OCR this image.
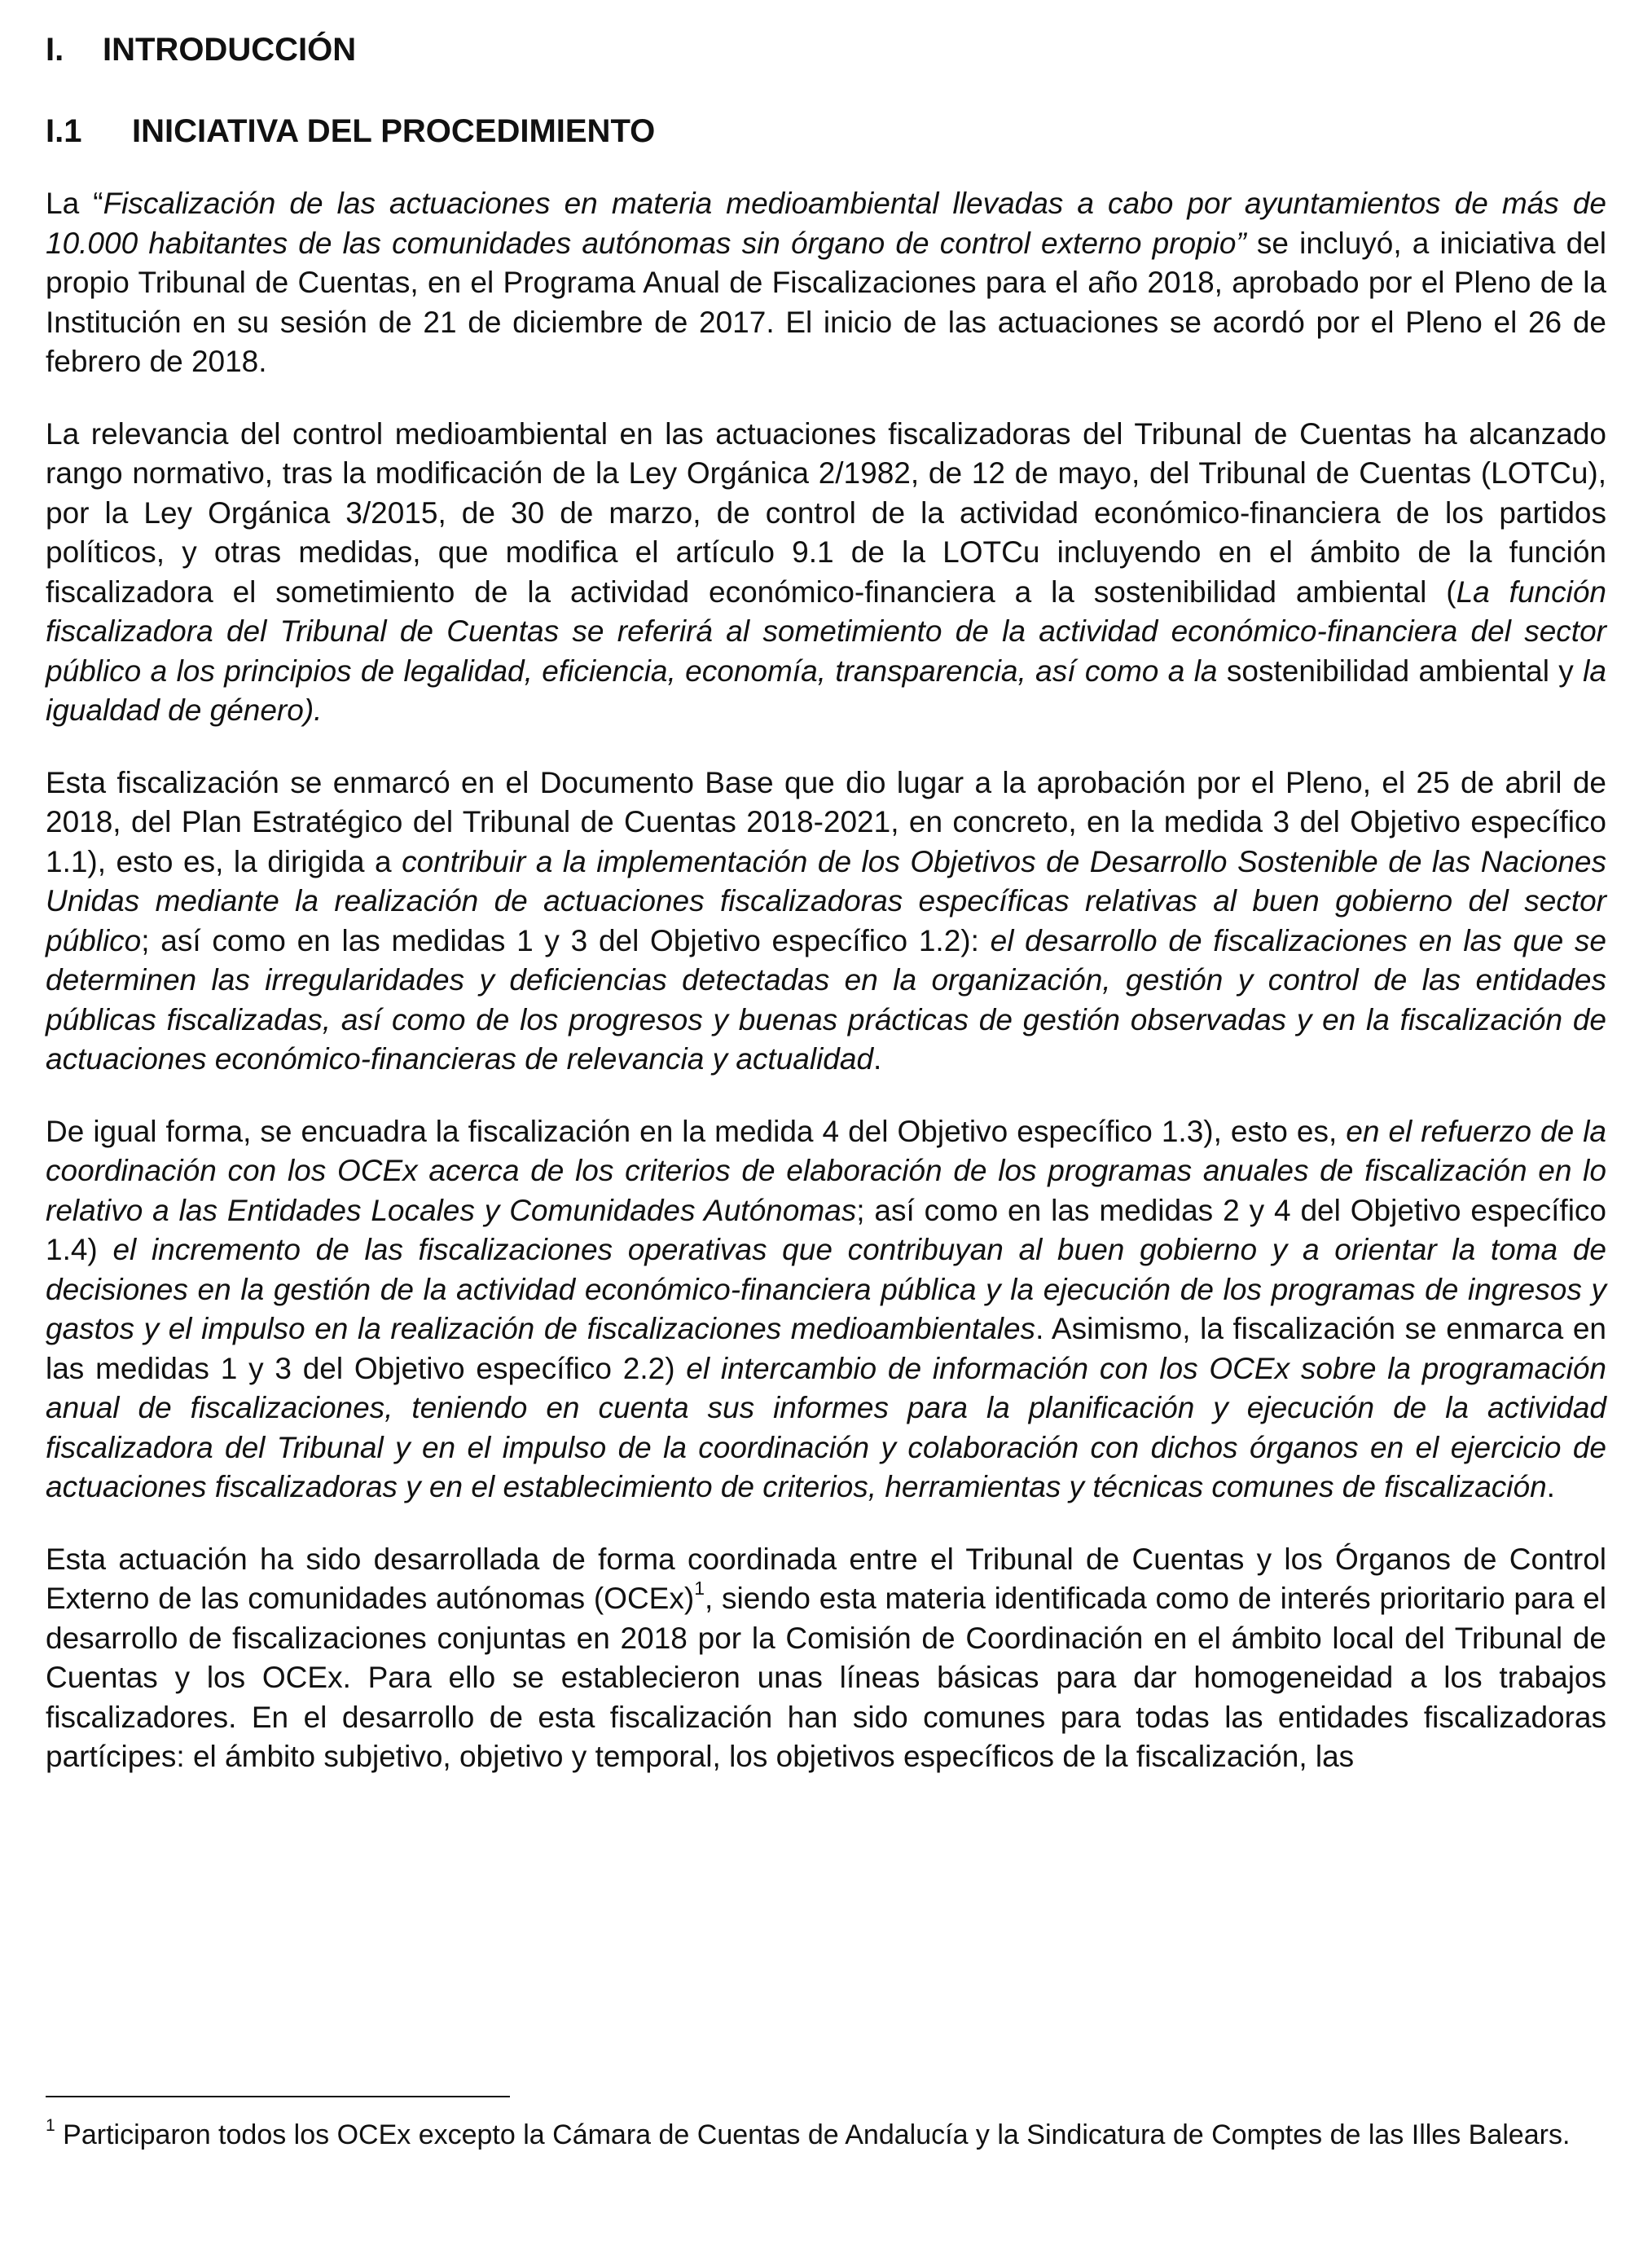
I. INTRODUCCIÓN
I.1 INICIATIVA DEL PROCEDIMIENTO

La “Fiscalización de las actuaciones en materia medioambiental llevadas a cabo por ayuntamientos de más de 10.000 habitantes de las comunidades autónomas sin órgano de control externo propio” se incluyó, a iniciativa del propio Tribunal de Cuentas, en el Programa Anual de Fiscalizaciones para el año 2018, aprobado por el Pleno de la Institución en su sesión de 21 de diciembre de 2017. El inicio de las actuaciones se acordó por el Pleno el 26 de febrero de 2018.

La relevancia del control medioambiental en las actuaciones fiscalizadoras del Tribunal de Cuentas ha alcanzado rango normativo, tras la modificación de la Ley Orgánica 2/1982, de 12 de mayo, del Tribunal de Cuentas (LOTCu), por la Ley Orgánica 3/2015, de 30 de marzo, de control de la actividad económico-financiera de los partidos políticos, y otras medidas, que modifica el artículo 9.1 de la LOTCu incluyendo en el ámbito de la función fiscalizadora el sometimiento de la actividad económico-financiera a la sostenibilidad ambiental (La función fiscalizadora del Tribunal de Cuentas se referirá al sometimiento de la actividad económico-financiera del sector público a los principios de legalidad, eficiencia, economía, transparencia, así como a la sostenibilidad ambiental y la igualdad de género).

Esta fiscalización se enmarcó en el Documento Base que dio lugar a la aprobación por el Pleno, el 25 de abril de 2018, del Plan Estratégico del Tribunal de Cuentas 2018-2021, en concreto, en la medida 3 del Objetivo específico 1.1), esto es, la dirigida a contribuir a la implementación de los Objetivos de Desarrollo Sostenible de las Naciones Unidas mediante la realización de actuaciones fiscalizadoras específicas relativas al buen gobierno del sector público; así como en las medidas 1 y 3 del Objetivo específico 1.2): el desarrollo de fiscalizaciones en las que se determinen las irregularidades y deficiencias detectadas en la organización, gestión y control de las entidades públicas fiscalizadas, así como de los progresos y buenas prácticas de gestión observadas y en la fiscalización de actuaciones económico-financieras de relevancia y actualidad.

De igual forma, se encuadra la fiscalización en la medida 4 del Objetivo específico 1.3), esto es, en el refuerzo de la coordinación con los OCEx acerca de los criterios de elaboración de los programas anuales de fiscalización en lo relativo a las Entidades Locales y Comunidades Autónomas; así como en las medidas 2 y 4 del Objetivo específico 1.4) el incremento de las fiscalizaciones operativas que contribuyan al buen gobierno y a orientar la toma de decisiones en la gestión de la actividad económico-financiera pública y la ejecución de los programas de ingresos y gastos y el impulso en la realización de fiscalizaciones medioambientales. Asimismo, la fiscalización se enmarca en las medidas 1 y 3 del Objetivo específico 2.2) el intercambio de información con los OCEx sobre la programación anual de fiscalizaciones, teniendo en cuenta sus informes para la planificación y ejecución de la actividad fiscalizadora del Tribunal y en el impulso de la coordinación y colaboración con dichos órganos en el ejercicio de actuaciones fiscalizadoras y en el establecimiento de criterios, herramientas y técnicas comunes de fiscalización.

Esta actuación ha sido desarrollada de forma coordinada entre el Tribunal de Cuentas y los Órganos de Control Externo de las comunidades autónomas (OCEx)$^1$, siendo esta materia identificada como de interés prioritario para el desarrollo de fiscalizaciones conjuntas en 2018 por la Comisión de Coordinación en el ámbito local del Tribunal de Cuentas y los OCEx. Para ello se establecieron unas líneas básicas para dar homogeneidad a los trabajos fiscalizadores. En el desarrollo de esta fiscalización han sido comunes para todas las entidades fiscalizadoras partícipes: el ámbito subjetivo, objetivo y temporal, los objetivos específicos de la fiscalización, las

$^1$ Participaron todos los OCEx excepto la Cámara de Cuentas de Andalucía y la Sindicatura de Comptes de las Illes Balears.
